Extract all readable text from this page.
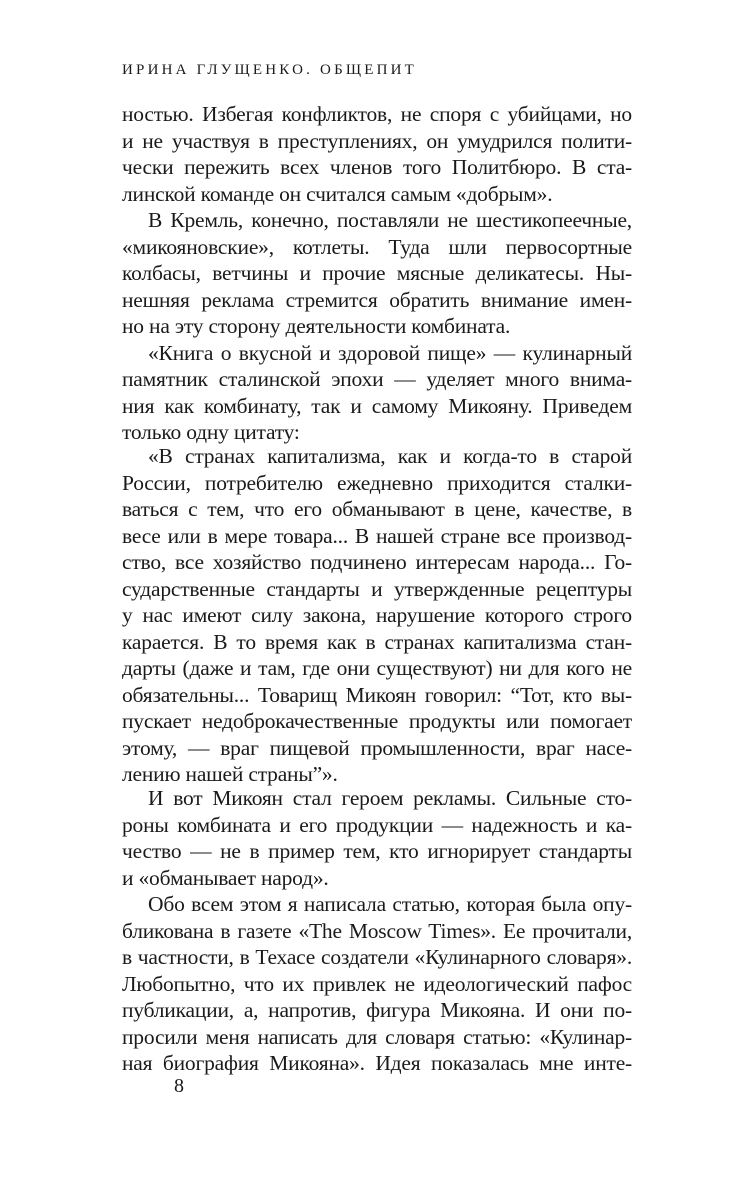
ИРИНА ГЛУЩЕНКО. ОБЩЕПИТ
ностью. Избегая конфликтов, не споря с убийцами, но
и не участвуя в преступлениях, он умудрился полити-
чески пережить всех членов того Политбюро. В ста-
линской команде он считался самым «добрым».
В Кремль, конечно, поставляли не шестикопеечные,
«микояновские», котлеты. Туда шли первосортные
колбасы, ветчины и прочие мясные деликатесы. Ны-
нешняя реклама стремится обратить внимание имен-
но на эту сторону деятельности комбината.
«Книга о вкусной и здоровой пище» — кулинарный
памятник сталинской эпохи — уделяет много внима-
ния как комбинату, так и самому Микояну. Приведем
только одну цитату:
«В странах капитализма, как и когда-то в старой
России, потребителю ежедневно приходится сталки-
ваться с тем, что его обманывают в цене, качестве, в
весе или в мере товара... В нашей стране все производ-
ство, все хозяйство подчинено интересам народа... Го-
сударственные стандарты и утвержденные рецептуры
у нас имеют силу закона, нарушение которого строго
карается. В то время как в странах капитализма стан-
дарты (даже и там, где они существуют) ни для кого не
обязательны... Товарищ Микоян говорил: “Тот, кто вы-
пускает недоброкачественные продукты или помогает
этому, — враг пищевой промышленности, враг насе-
лению нашей страны”».
И вот Микоян стал героем рекламы. Сильные сто-
роны комбината и его продукции — надежность и ка-
чество — не в пример тем, кто игнорирует стандарты
и «обманывает народ».
Обо всем этом я написала статью, которая была опу-
бликована в газете «The Moscow Times». Ее прочитали,
в частности, в Техасе создатели «Кулинарного словаря».
Любопытно, что их привлек не идеологический пафос
публикации, а, напротив, фигура Микояна. И они по-
просили меня написать для словаря статью: «Кулинар-
ная биография Микояна». Идея показалась мне инте-
8
